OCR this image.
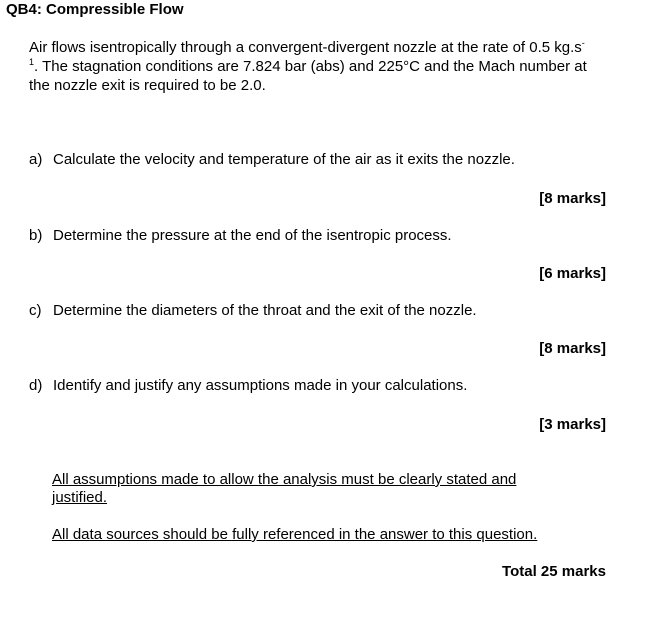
QB4: Compressible Flow
Air flows isentropically through a convergent-divergent nozzle at the rate of 0.5 $kg.s^{-1}$. The stagnation conditions are 7.824 bar (abs) and 225°C and the Mach number at the nozzle exit is required to be 2.0.
a) Calculate the velocity and temperature of the air as it exits the nozzle.
[8 marks]
b) Determine the pressure at the end of the isentropic process.
[6 marks]
c) Determine the diameters of the throat and the exit of the nozzle.
[8 marks]
d) Identify and justify any assumptions made in your calculations.
[3 marks]
All assumptions made to allow the analysis must be clearly stated and justified.
All data sources should be fully referenced in the answer to this question.
Total 25 marks
